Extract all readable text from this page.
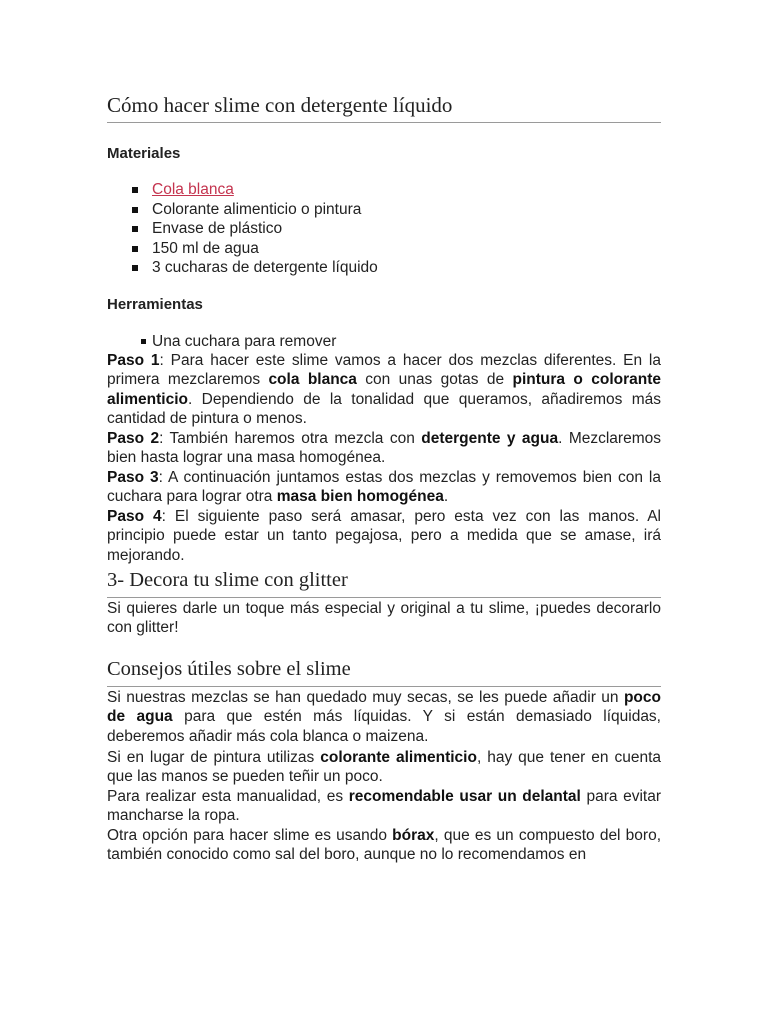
Cómo hacer slime con detergente líquido
Materiales
Cola blanca
Colorante alimenticio o pintura
Envase de plástico
150 ml de agua
3 cucharas de detergente líquido
Herramientas
Una cuchara para remover

Paso 1: Para hacer este slime vamos a hacer dos mezclas diferentes. En la primera mezclaremos cola blanca con unas gotas de pintura o colorante alimenticio. Dependiendo de la tonalidad que queramos, añadiremos más cantidad de pintura o menos.

Paso 2: También haremos otra mezcla con detergente y agua. Mezclaremos bien hasta lograr una masa homogénea.

Paso 3: A continuación juntamos estas dos mezclas y removemos bien con la cuchara para lograr otra masa bien homogénea.

Paso 4: El siguiente paso será amasar, pero esta vez con las manos. Al principio puede estar un tanto pegajosa, pero a medida que se amase, irá mejorando.

3- Decora tu slime con glitter

Si quieres darle un toque más especial y original a tu slime, ¡puedes decorarlo con glitter!

Consejos útiles sobre el slime

Si nuestras mezclas se han quedado muy secas, se les puede añadir un poco de agua para que estén más líquidas. Y si están demasiado líquidas, deberemos añadir más cola blanca o maizena.

Si en lugar de pintura utilizas colorante alimenticio, hay que tener en cuenta que las manos se pueden teñir un poco.

Para realizar esta manualidad, es recomendable usar un delantal para evitar mancharse la ropa.

Otra opción para hacer slime es usando bórax, que es un compuesto del boro, también conocido como sal del boro, aunque no lo recomendamos en
